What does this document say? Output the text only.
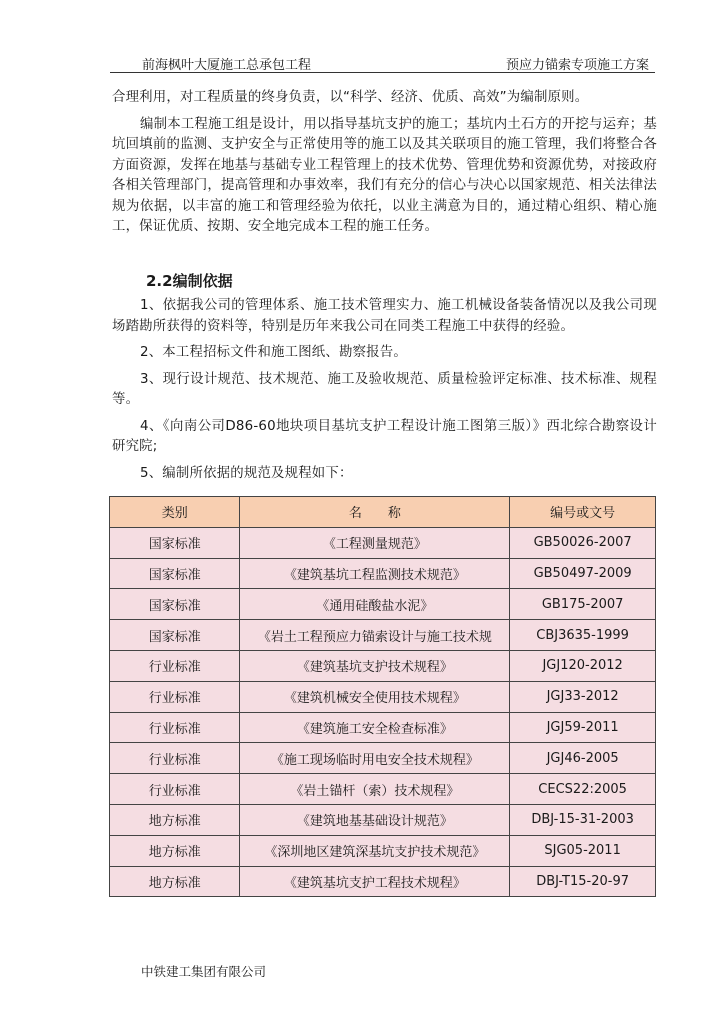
前海枫叶大厦施工总承包工程	预应力锚索专项施工方案

合理利用，对工程质量的终身负责，以“科学、经济、优质、高效”为编制原则。

编制本工程施工组是设计，用以指导基坑支护的施工；基坑内土石方的开挖与运弃；基坑回填前的监测、支护安全与正常使用等的施工以及其关联项目的施工管理，我们将整合各方面资源，发挥在地基与基础专业工程管理上的技术优势、管理优势和资源优势，对接政府各相关管理部门，提高管理和办事效率，我们有充分的信心与决心以国家规范、相关法律法规为依据，以丰富的施工和管理经验为依托，以业主满意为目的，通过精心组织、精心施工，保证优质、按期、安全地完成本工程的施工任务。

2.2编制依据

1、依据我公司的管理体系、施工技术管理实力、施工机械设备装备情况以及我公司现场踏勘所获得的资料等，特别是历年来我公司在同类工程施工中获得的经验。

2、本工程招标文件和施工图纸、勘察报告。

3、现行设计规范、技术规范、施工及验收规范、质量检验评定标准、技术标准、规程等。

4、《向南公司D86-60地块项目基坑支护工程设计施工图第三版）》西北综合勘察设计研究院;

5、编制所依据的规范及规程如下：

类别	名　　称	编号或文号
国家标准	《工程测量规范》	GB50026-2007
国家标准	《建筑基坑工程监测技术规范》	GB50497-2009
国家标准	《通用硅酸盐水泥》	GB175-2007
国家标准	《岩土工程预应力锚索设计与施工技术规	CBJ3635-1999
行业标准	《建筑基坑支护技术规程》	JGJ120-2012
行业标准	《建筑机械安全使用技术规程》	JGJ33-2012
行业标准	《建筑施工安全检查标准》	JGJ59-2011
行业标准	《施工现场临时用电安全技术规程》	JGJ46-2005
行业标准	《岩土锚杆（索）技术规程》	CECS22:2005
地方标准	《建筑地基基础设计规范》	DBJ-15-31-2003
地方标准	《深圳地区建筑深基坑支护技术规范》	SJG05-2011
地方标准	《建筑基坑支护工程技术规程》	DBJ-T15-20-97
中铁建工集团有限公司
